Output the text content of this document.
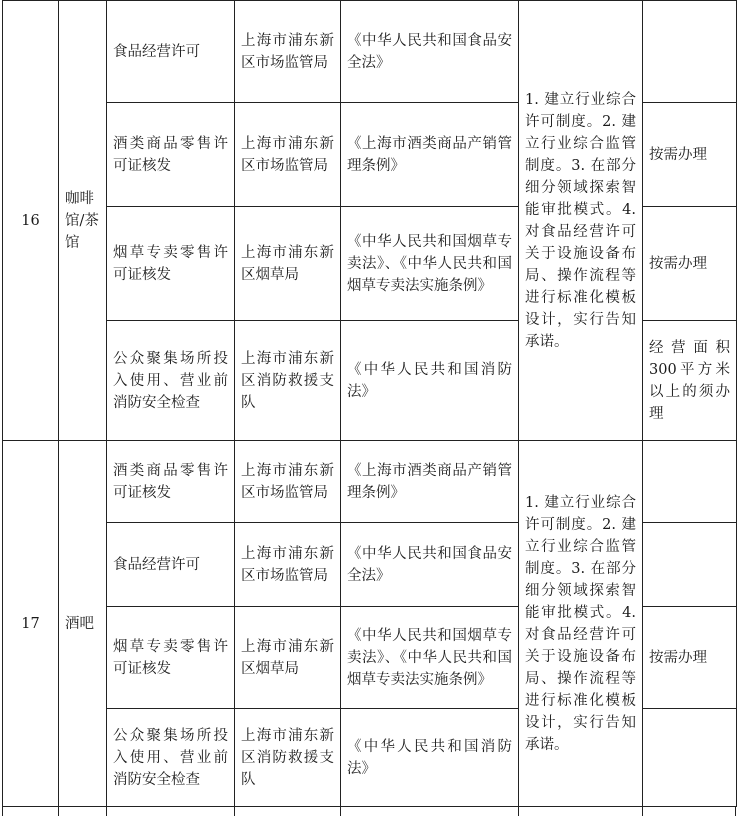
16	咖啡馆/茶馆	食品经营许可	上海市浦东新区市场监管局	《中华人民共和国食品安全法》	1. 建立行业综合许可制度。2. 建立行业综合监管制度。3. 在部分细分领域探索智能审批模式。4. 对食品经营许可关于设施设备布局、操作流程等进行标准化模板设计，实行告知承诺。	
		酒类商品零售许可证核发	上海市浦东新区市场监管局	《上海市酒类商品产销管理条例》		按需办理
		烟草专卖零售许可证核发	上海市浦东新区烟草局	《中华人民共和国烟草专卖法》、《中华人民共和国烟草专卖法实施条例》		按需办理
		公众聚集场所投入使用、营业前消防安全检查	上海市浦东新区消防救援支队	《中华人民共和国消防法》		经营面积300平方米以上的须办理
17	酒吧	酒类商品零售许可证核发	上海市浦东新区市场监管局	《上海市酒类商品产销管理条例》	1. 建立行业综合许可制度。2. 建立行业综合监管制度。3. 在部分细分领域探索智能审批模式。4. 对食品经营许可关于设施设备布局、操作流程等进行标准化模板设计，实行告知承诺。	
		食品经营许可	上海市浦东新区市场监管局	《中华人民共和国食品安全法》		
		烟草专卖零售许可证核发	上海市浦东新区烟草局	《中华人民共和国烟草专卖法》、《中华人民共和国烟草专卖法实施条例》		按需办理
		公众聚集场所投入使用、营业前消防安全检查	上海市浦东新区消防救援支队	《中华人民共和国消防法》		
